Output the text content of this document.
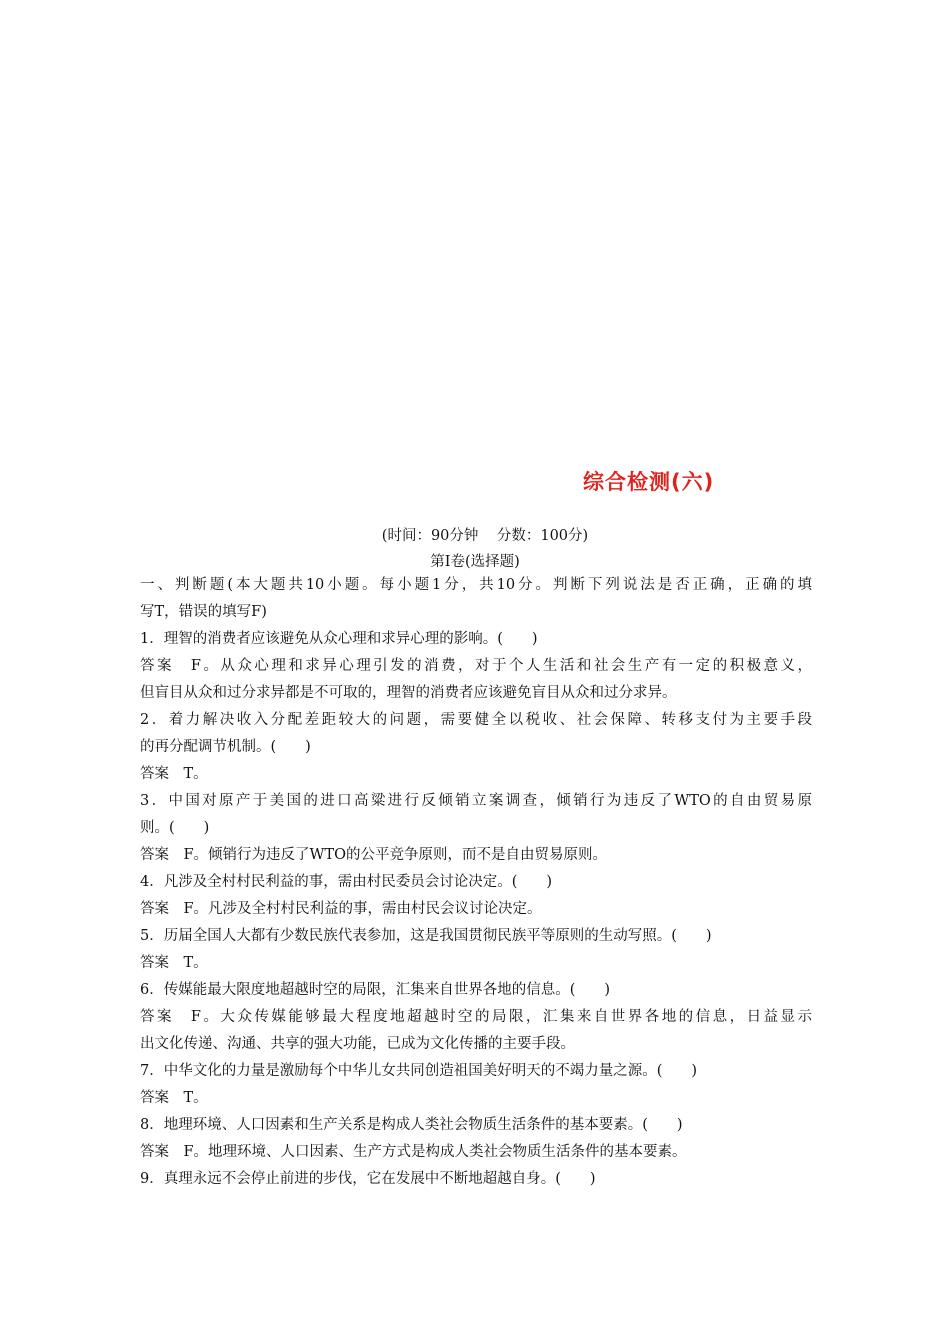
综合检测(六)
(时间：90分钟    分数：100分)
第Ⅰ卷(选择题)
一、判断题(本大题共10小题。每小题1分，共10分。判断下列说法是否正确，正确的填
写T，错误的填写F)
1．理智的消费者应该避免从众心理和求异心理的影响。(　　)
答案　F。从众心理和求异心理引发的消费，对于个人生活和社会生产有一定的积极意义，
但盲目从众和过分求异都是不可取的，理智的消费者应该避免盲目从众和过分求异。
2．着力解决收入分配差距较大的问题，需要健全以税收、社会保障、转移支付为主要手段
的再分配调节机制。(　　)
答案　T。
3．中国对原产于美国的进口高粱进行反倾销立案调查，倾销行为违反了WTO的自由贸易原
则。(　　)
答案　F。倾销行为违反了WTO的公平竞争原则，而不是自由贸易原则。
4．凡涉及全村村民利益的事，需由村民委员会讨论决定。(　　)
答案　F。凡涉及全村村民利益的事，需由村民会议讨论决定。
5．历届全国人大都有少数民族代表参加，这是我国贯彻民族平等原则的生动写照。(　　)
答案　T。
6．传媒能最大限度地超越时空的局限，汇集来自世界各地的信息。(　　)
答案　F。大众传媒能够最大程度地超越时空的局限，汇集来自世界各地的信息，日益显示
出文化传递、沟通、共享的强大功能，已成为文化传播的主要手段。
7．中华文化的力量是激励每个中华儿女共同创造祖国美好明天的不竭力量之源。(　　)
答案　T。
8．地理环境、人口因素和生产关系是构成人类社会物质生活条件的基本要素。(　　)
答案　F。地理环境、人口因素、生产方式是构成人类社会物质生活条件的基本要素。
9．真理永远不会停止前进的步伐，它在发展中不断地超越自身。(　　)
